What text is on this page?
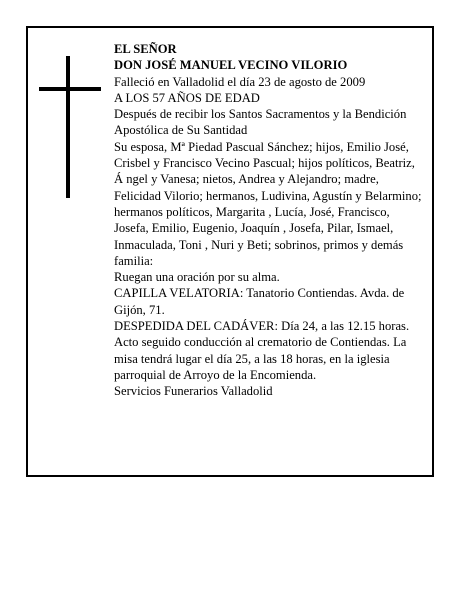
EL SEÑOR

DON JOSÉ MANUEL VECINO VILORIO

Falleció en Valladolid el día 23 de agosto de 2009

A LOS 57 AÑOS DE EDAD

Después de recibir los Santos Sacramentos y la Bendición Apostólica de Su Santidad

Su esposa, Mª Piedad Pascual Sánchez; hijos, Emilio José, Crisbel y Francisco Vecino Pascual; hijos políticos, Beatriz, Á ngel y Vanesa; nietos, Andrea y Alejandro; madre, Felicidad Vilorio; hermanos, Ludivina, Agustín y Belarmino; hermanos políticos, Margarita , Lucía, José, Francisco, Josefa, Emilio, Eugenio, Joaquín , Josefa, Pilar, Ismael, Inmaculada, Toni , Nuri y Beti; sobrinos, primos y demás familia:

Ruegan una oración por su alma.

CAPILLA VELATORIA: Tanatorio Contiendas. Avda. de Gijón, 71.

DESPEDIDA DEL CADÁVER: Día 24, a las 12.15 horas. Acto seguido conducción al crematorio de Contiendas. La misa tendrá lugar el día 25, a las 18 horas, en la iglesia parroquial de Arroyo de la Encomienda.

Servicios Funerarios Valladolid
